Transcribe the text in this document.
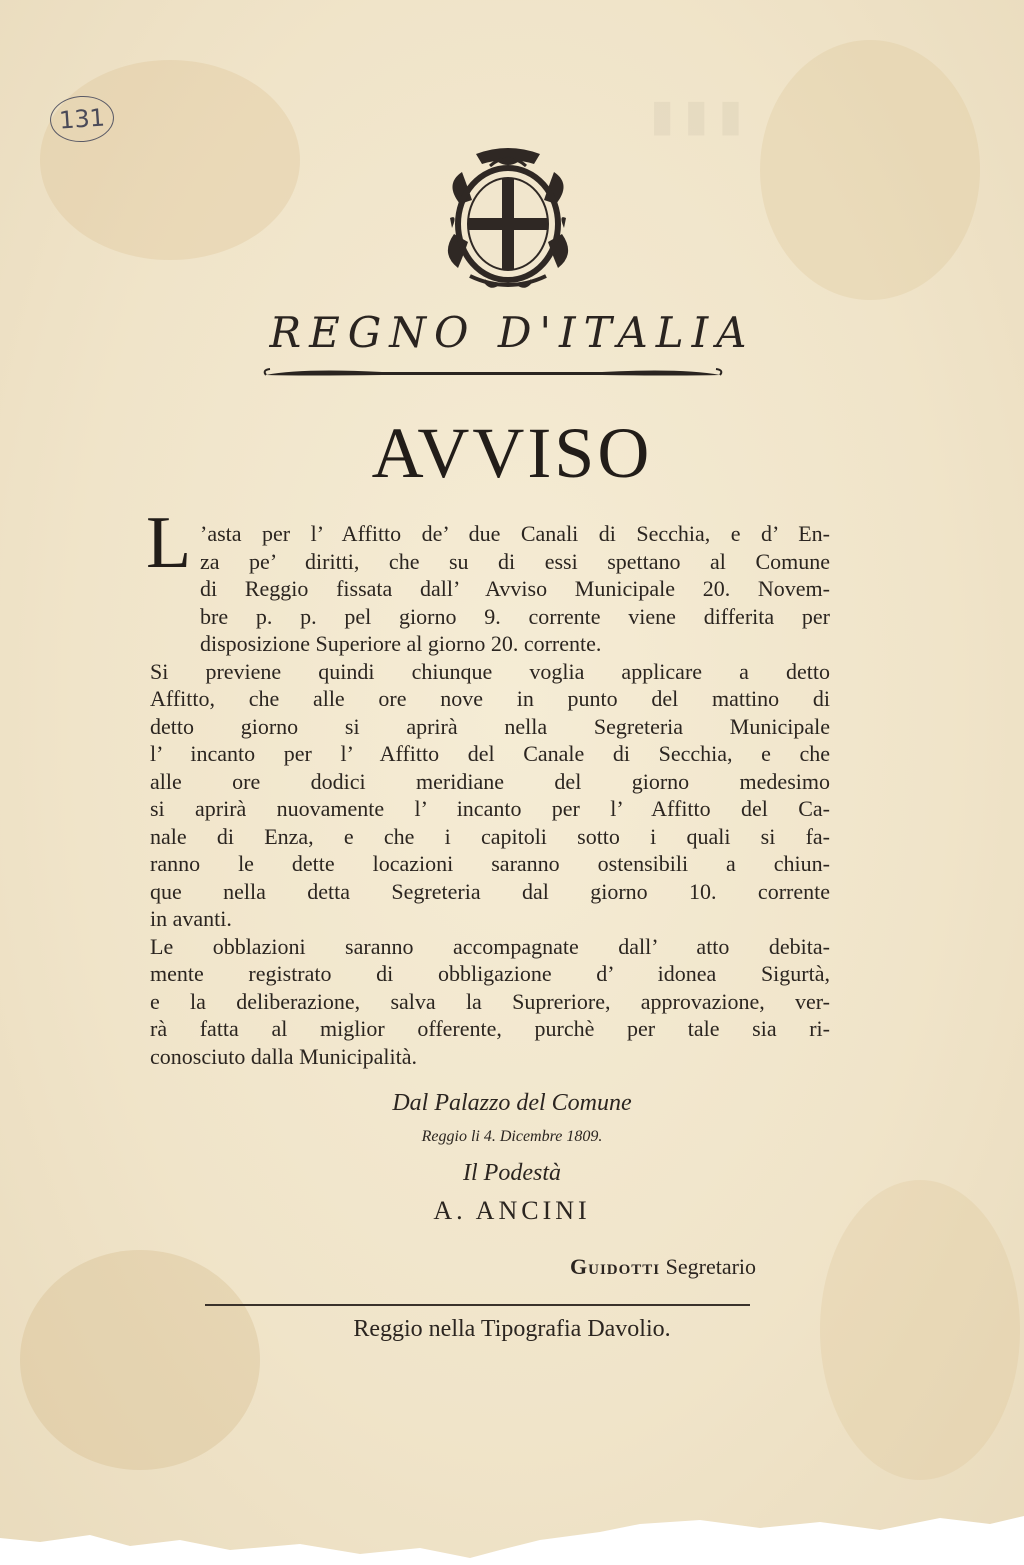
131	▮▮▮
REGNO D'ITALIA
AVVISO
L ’asta per l’ Affitto de’ due Canali di Secchia, e d’ En-
za pe’ diritti, che su di essi spettano al Comune
di Reggio fissata dall’ Avviso Municipale 20. Novem-
bre p. p. pel giorno 9. corrente viene differita per
disposizione Superiore al giorno 20. corrente.
Si previene quindi chiunque voglia applicare a detto
Affitto, che alle ore nove in punto del mattino di
detto giorno si aprirà nella Segreteria Municipale
l’ incanto per l’ Affitto del Canale di Secchia, e che
alle ore dodici meridiane del giorno medesimo
si aprirà nuovamente l’ incanto per l’ Affitto del Ca-
nale di Enza, e che i capitoli sotto i quali si fa-
ranno le dette locazioni saranno ostensibili a chiun-
que nella detta Segreteria dal giorno 10. corrente
in avanti.
Le obblazioni saranno accompagnate dall’ atto debita-
mente registrato di obbligazione d’ idonea Sigurtà,
e la deliberazione, salva la Supreriore, approvazione, ver-
rà fatta al miglior offerente, purchè per tale sia ri-
conosciuto dalla Municipalità.
Dal Palazzo del Comune
Reggio li 4. Dicembre 1809.
Il Podestà
A. ANCINI
Guidotti Segretario
Reggio nella Tipografia Davolio.
